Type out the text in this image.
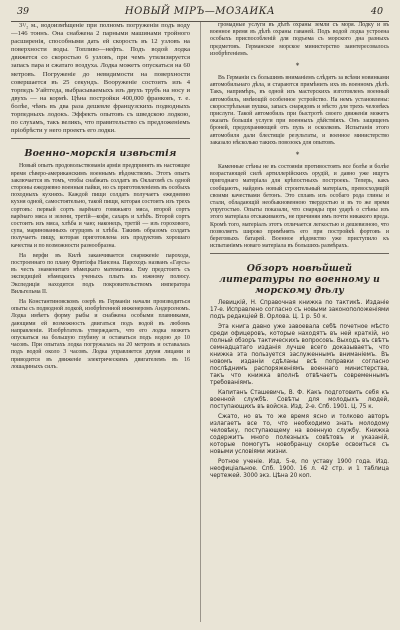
39	НОВЫЙ МІРЪ—МОЗАИКА	40

3¹/₂ м., водоизмѣщеніе при полномъ погруженіи подъ воду—146 тоннъ. Она снабжена 2 парными машинами тройного расширенія, способными дать ей скорость въ 12 узловъ на поверхности воды. Топливо—нефть. Подъ водой лодка движется со скоростью 6 узловъ, при чемъ утилизируется запасъ пара и сжатаго воздуха. Лодка можетъ опускаться на 60 метровъ. Погруженіе до невидимости на поверхности совершается въ 25 секундъ. Вооруженіе состоитъ изъ 4 торпедъ Уайтгеда, выбрасываемыхъ изъ двухъ трубъ на носу и двухъ — на кормѣ. Цѣна постройки 400,000 франковъ, т. е. болѣе, чѣмъ въ два раза дешевле французскихъ подводныхъ торпедныхъ лодокъ. Эффектъ опытовъ съ шведскою лодкою, по слухамъ, такъ великъ, что правительство съ предложеніемъ пріобрѣсти у него проектъ его лодки.

Военно-морскія извѣстія

Новый опытъ продовольствованія арміи предпринятъ въ настоящее время сѣверо-американскимъ военнымъ вѣдомствомъ. Этотъ опытъ заключается въ томъ, чтобы снабжать солдатъ въ Оклагомѣ съ одной стороны ежедневно военныя пайки, но съ приготовленіемъ въ особыхъ походныхъ кухняхъ. Каждой пищи солдатъ получаетъ ежедневно кухня одной, самостоятельно, такой пищи, которая состоитъ изъ трехъ сортовъ: первый сортъ варёнаго говяжьяго мяса, второй сортъ варёнаго мяса и зелени, третій—кофе, сахаръ и хлѣбъ. Второй сортъ состоитъ изъ мяса, хлѣба и чаю; наконецъ, третій — изъ горохового, супа, маринованныхъ огурцовъ и хлѣба. Такимъ образомъ солдатъ получаетъ пищу, которая приготовлена изъ продуктовъ хорошаго качества и по возможности разнообразна.

На верфи въ Килѣ заканчивается снаряженіе парохода, построеннаго по плану Фритіофа Нансена. Пароходъ названъ «Гаусъ» въ честь знаменитаго нѣмецкаго математика. Ему предстоитъ съ экспедиціей нѣмецкихъ ученыхъ плыть къ южному полюсу. Экспедиція находится подъ покровительствомъ императора Вильгельма II.

На Константиновскомъ озерѣ въ Германіи начали производиться опыты съ подводной лодкой, изобрѣтенной инженеромъ Андерсеномъ. Лодка имѣетъ форму рыбы и снабжена особыми плавниками, дающими ей возможность двигаться подъ водой въ любомъ направленіи. Изобрѣтатель утверждаетъ, что его лодка можетъ опускаться на большую глубину и оставаться подъ водою до 10 часовъ. При опытахъ лодка погружалась на 20 метровъ и оставалась подъ водой около 3 часовъ. Лодка управляется двумя лицами и приводится въ движеніе электрическимъ двигателемъ въ 16 лошадиныхъ силъ.

громадные услуги въ дѣлѣ охраны земли съ моря. Лодку и въ военное время въ дѣлѣ охраны гаваней. Подъ водой лодка устроена особыхъ приспособленій для подъема съ морского дна разныхъ предметовъ. Германское морское министерство заинтересовалось изобрѣтеніемъ.

*

Въ Германіи съ большимъ вниманіемъ слѣдятъ за всѣми новинками автомобильнаго дѣла, и стараются примѣнить ихъ въ военномъ дѣлѣ. Такъ, напримѣръ, въ одной изъ мастерскихъ изготовленъ военный автомобиль, имѣющій особенное устройство. На немъ установлены: скорострѣльная пушка, запасъ снарядовъ и мѣсто для трехъ человѣкъ прислуги. Такой автомобиль при быстротѣ своего движенія можетъ оказать большія услуги при военныхъ дѣйствіяхъ. Онъ защищенъ броней, предохраняющей отъ пуль и осколковъ. Испытанія этого автомобиля дали блестящіе результаты, и военное министерство заказало нѣсколько такихъ повозокъ для опытовъ.

*

Каменные стѣны не въ состояніи противостоять все болѣе и болѣе возрастающей силѣ артиллерійскихъ орудій, и давно уже ищутъ пригоднаго матеріала для крѣпостныхъ построекъ. Теперь, какъ сообщаютъ, найденъ новый строительный матеріалъ, превосходящій своими качествами бетонъ. Это сплавъ изъ особаго рода глины и стали, обладающій необыкновенною твердостью и въ то же время упругостью. Опыты показали, что снаряды при ударѣ о стѣны изъ этого матеріала отскакиваютъ, не причиняя имъ почти никакого вреда. Кромѣ того, матеріалъ этотъ отличается легкостью и дешевизною, что позволяетъ широко примѣнять его при постройкѣ фортовъ и береговыхъ батарей. Военное вѣдомство уже приступило къ испытаніямъ новаго матеріала въ большихъ размѣрахъ.

Обзоръ новѣйшей литературы по военному и морскому дѣлу

Левицкій, Н. Справочная книжка по тактикѣ. Изданіе 17-е. Исправлено согласно съ новыми законоположеніями подъ редакціей В. Орлова. Ц. 1 р. 50 к.

Эта книга давно уже завоевала себѣ почетное мѣсто среди офицеровъ, которые находятъ въ ней краткій, но полный обзоръ тактическихъ вопросовъ. Выходъ въ свѣтъ семнадцатаго изданія лучше всего доказываетъ, что книжка эта пользуется заслуженнымъ вниманіемъ. Въ новомъ изданіи сдѣланы всѣ поправки согласно послѣднимъ распоряженіямъ военнаго министерства, такъ что книжка вполнѣ отвѣчаетъ современнымъ требованіямъ.

Капитанъ Сташевичъ, В. Ф. Какъ подготовить себя къ военной службѣ. Совѣты для молодыхъ людей, поступающихъ въ войска. Изд. 2-е. Спб. 1901. Ц. 75 к.

Сжато, но въ то же время ясно и толково авторъ излагаетъ все то, что необходимо знать молодому человѣку, поступающему на военную службу. Книжка содержитъ много полезныхъ совѣтовъ и указаній, которые помогутъ новобранцу скорѣе освоиться съ новыми условіями жизни.

Ротное ученіе. Изд. 5-е, по уставу 1900 года. Изд. неофиціальное. Спб. 1900. 16 л. 42 стр. и 1 таблица чертежей. 3000 экз. Цѣна 20 коп.
